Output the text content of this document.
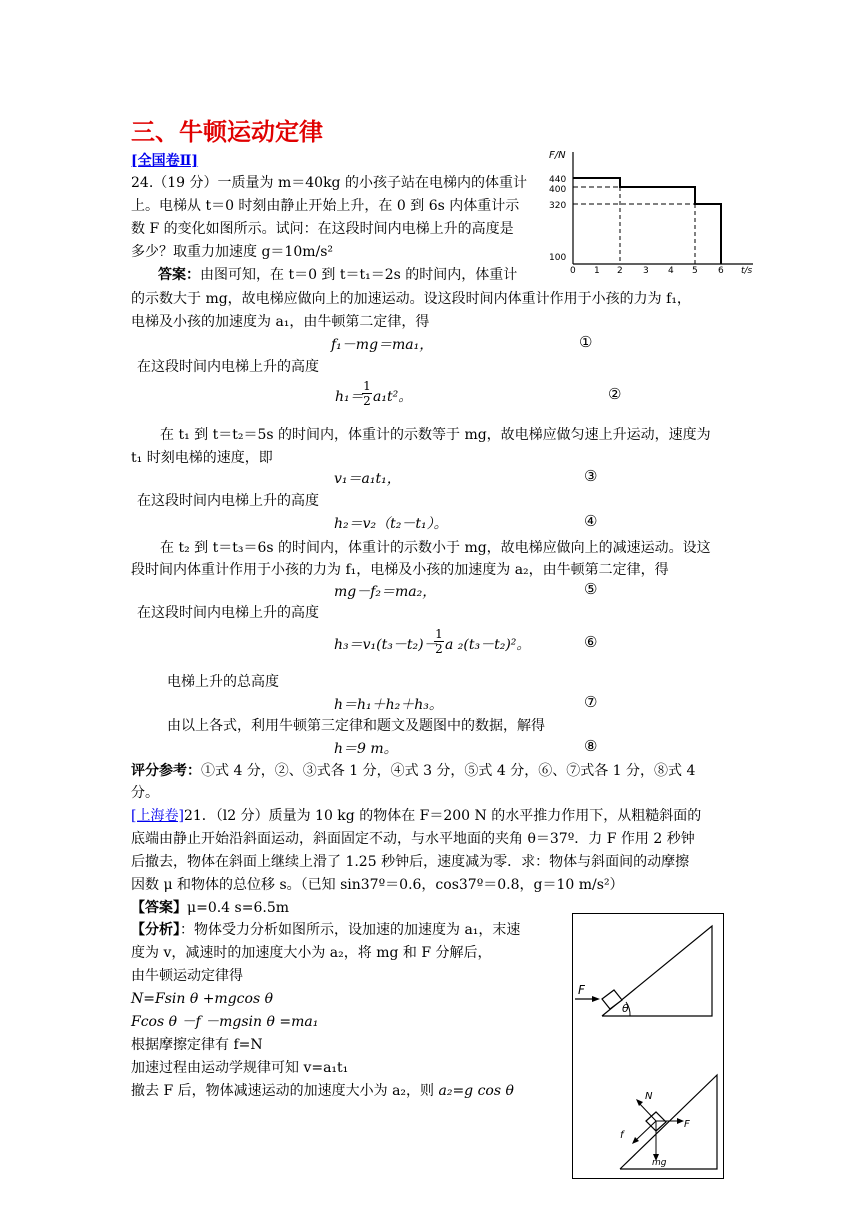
三、牛顿运动定律
[全国卷Ⅱ]
24.（19 分）一质量为 m＝40kg 的小孩子站在电梯内的体重计
上。电梯从 t＝0 时刻由静止开始上升，在 0 到 6s 内体重计示
数 F 的变化如图所示。试问：在这段时间内电梯上升的高度是
多少？取重力加速度 g＝10m/s²
F/N
440
400
320
100
0 1 2 3 4 5 6 t/s
答案：由图可知，在 t＝0 到 t＝t₁＝2s 的时间内，体重计
的示数大于 mg，故电梯应做向上的加速运动。设这段时间内体重计作用于小孩的力为 f₁，
电梯及小孩的加速度为 a₁，由牛顿第二定律，得
f₁－mg＝ma₁，	①
在这段时间内电梯上升的高度
h₁＝
$\frac{1}{2} a_1t^2$。	②
在 t₁ 到 t＝t₂＝5s 的时间内，体重计的示数等于 mg，故电梯应做匀速上升运动，速度为
t₁ 时刻电梯的速度，即
v₁＝a₁t₁，	③
在这段时间内电梯上升的高度
h₂＝v₂（t₂－t₁）。	④
在 t₂ 到 t＝t₃＝6s 的时间内，体重计的示数小于 mg，故电梯应做向上的减速运动。设这
段时间内体重计作用于小孩的力为 f₁，电梯及小孩的加速度为 a₂，由牛顿第二定律，得
mg－f₂＝ma₂，	⑤
在这段时间内电梯上升的高度
h₃＝v₁(t₃－t₂)－
$\frac{1}{2}$ a ₂(t₃－t₂)²。	⑥
电梯上升的总高度
h＝h₁＋h₂＋h₃。	⑦
由以上各式，利用牛顿第三定律和题文及题图中的数据，解得
h＝9 m。	⑧
评分参考：①式 4 分，②、③式各 1 分，④式 3 分，⑤式 4 分，⑥、⑦式各 1 分，⑧式 4
分。
[上海卷]21．（l2 分）质量为 10 kg 的物体在 F＝200 N 的水平推力作用下，从粗糙斜面的
底端由静止开始沿斜面运动，斜面固定不动，与水平地面的夹角 θ＝37º．力 F 作用 2 秒钟
后撤去，物体在斜面上继续上滑了 1.25 秒钟后，速度减为零．求：物体与斜面间的动摩擦
因数 μ 和物体的总位移 s。（已知 sin37º＝0.6，cos37º＝0.8，g＝10 m/s²）
【答案】μ=0.4 s=6.5m
【分析】：物体受力分析如图所示，设加速的加速度为 a₁，末速
度为 v，减速时的加速度大小为 a₂，将 mg 和 F 分解后，
由牛顿运动定律得
N=Fsin θ +mgcos θ
Fcos θ －f －mgsin θ =ma₁
根据摩擦定律有 f=N
加速过程由运动学规律可知 v=a₁t₁
撤去 F 后，物体减速运动的加速度大小为 a₂，则 a₂=g cos θ
F
θ
N
F
f
mg
